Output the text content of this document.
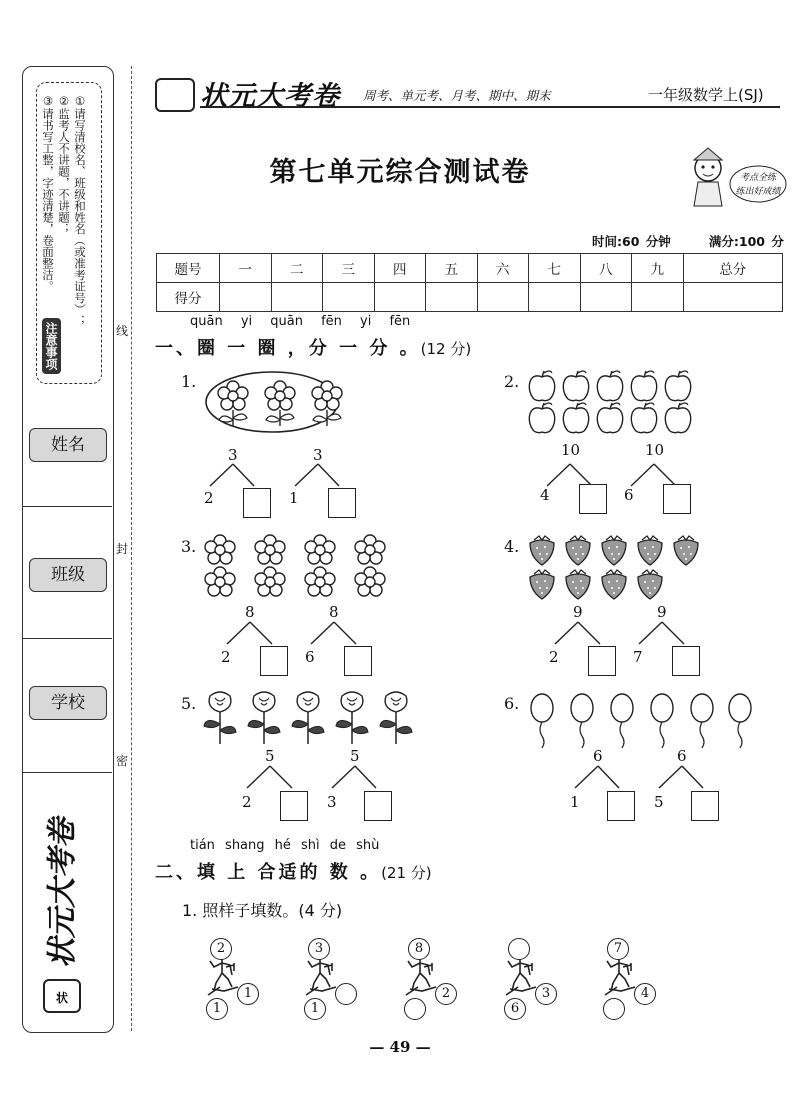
①请写清校名、班级和姓名（或准考证号）；
②监考人不讲题，不讲题；
③请书写工整，字迹清楚，卷面整洁。
注意事项
姓名
班级
学校
状
状元大考卷
线
封
密
状元大考卷 周考、单元考、月考、期中、期末	一年级数学上(SJ)
第七单元综合测试卷	考点全练
练出好成绩
时间:60 分钟	满分:100 分
题号	一	二	三	四	五	六	七	八	九	总分
得分										
quān yi quān fēn yi fēn
一、圈 一 圈 ，分 一 分 。(12 分)
1.	2.
3.	4.
5.	6.
3
2
3
1
10
4
10
6
8
2
8
6
9
2
9
7
5
2
5
3
6
1
6
5
tián shang hé shì de shù
二、填 上 合适的 数 。(21 分)
1. 照样子填数。(4 分)
2
1
1
3
1
8
2
6
3
7
4
— 49 —
